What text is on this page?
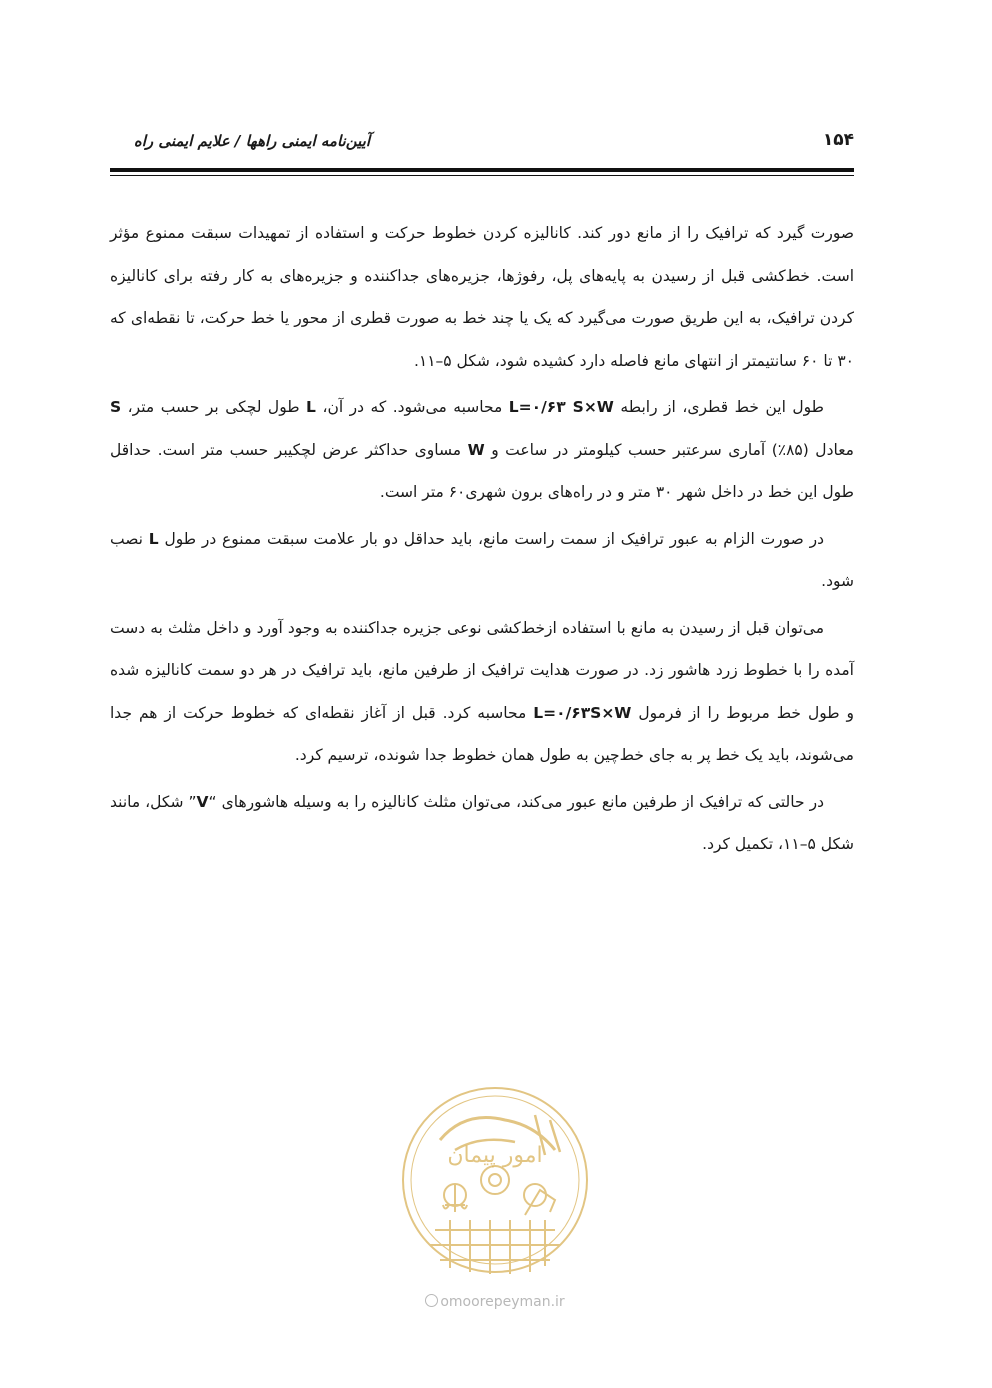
آیین‌نامه ایمنی راهها / علایم ایمنی راه	۱۵۴

صورت گیرد که ترافیک را از مانع دور کند. کانالیزه کردن خطوط حرکت و استفاده از تمهیدات سبقت ممنوع مؤثر است. خط‌کشی قبل از رسیدن به پایه‌های پل، رفوژها، جزیره‌های جداکننده و جزیره‌های به کار رفته برای کانالیزه کردن ترافیک، به این طریق صورت می‌گیرد که یک یا چند خط به صورت قطری از محور یا خط حرکت، تا نقطه‌ای که ۳۰ تا ۶۰ سانتیمتر از انتهای مانع فاصله دارد کشیده شود، شکل ۵–۱۱.

طول این خط قطری، از رابطه L=۰/۶۳ S×W محاسبه می‌شود. که در آن، L طول لچکی بر حسب متر، S معادل (۸۵٪) آماری سرعتبر حسب کیلومتر در ساعت و W مساوی حداکثر عرض لچکیبر حسب متر است. حداقل طول این خط در داخل شهر ۳۰ متر و در راه‌های برون شهری۶۰ متر است.

در صورت الزام به عبور ترافیک از سمت راست مانع، باید حداقل دو بار علامت سبقت ممنوع در طول L نصب شود.

می‌توان قبل از رسیدن به مانع با استفاده ازخط‌کشی نوعی جزیره جداکننده به وجود آورد و داخل مثلث به دست آمده را با خطوط زرد هاشور زد. در صورت هدایت ترافیک از طرفین مانع، باید ترافیک در هر دو سمت کانالیزه شده و طول خط مربوط را از فرمول L=۰/۶۳S×W محاسبه کرد. قبل از آغاز نقطه‌ای که خطوط حرکت از هم جدا می‌شوند، باید یک خط پر به جای خط‌چین به طول همان خطوط جدا شونده، ترسیم کرد.

در حالتی که ترافیک از طرفین مانع عبور می‌کند، می‌توان مثلث کانالیزه را به وسیله هاشورهای “V” شکل، مانند شکل ۵–۱۱، تکمیل کرد.

امور پیمان
omoorepeyman.ir
